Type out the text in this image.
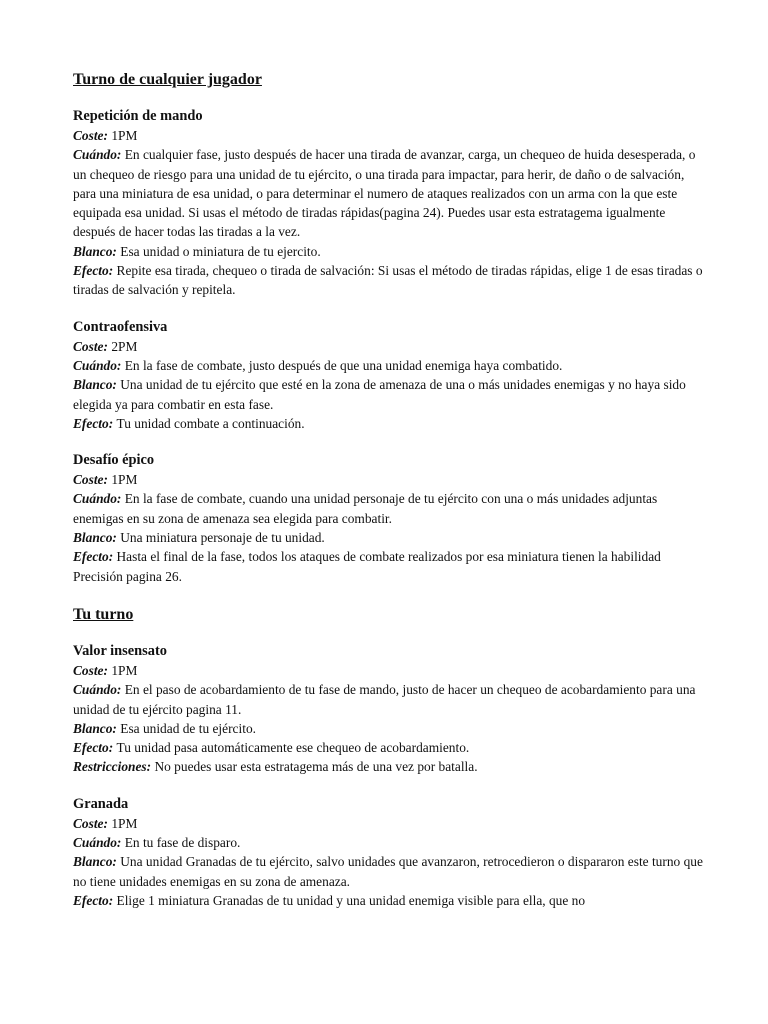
Turno de cualquier jugador
Repetición de mando
Coste: 1PM
Cuándo: En cualquier fase, justo después de hacer una tirada de avanzar, carga, un chequeo de huida desesperada, o un chequeo de riesgo para una unidad de tu ejército, o una tirada para impactar, para herir, de daño o de salvación, para una miniatura de esa unidad, o para determinar el numero de ataques realizados con un arma con la que este equipada esa unidad. Si usas el método de tiradas rápidas(pagina 24). Puedes usar esta estratagema igualmente después de hacer todas las tiradas a la vez.
Blanco: Esa unidad o miniatura de tu ejercito.
Efecto: Repite esa tirada, chequeo o tirada de salvación: Si usas el método de tiradas rápidas, elige 1 de esas tiradas o tiradas de salvación y repitela.
Contraofensiva
Coste: 2PM
Cuándo: En la fase de combate, justo después de que una unidad enemiga haya combatido.
Blanco: Una unidad de tu ejército que esté en la zona de amenaza de una o más unidades enemigas y no haya sido elegida ya para combatir en esta fase.
Efecto: Tu unidad combate a continuación.
Desafío épico
Coste: 1PM
Cuándo: En la fase de combate, cuando una unidad personaje de tu ejército con una o más unidades adjuntas enemigas en su zona de amenaza sea elegida para combatir.
Blanco: Una miniatura personaje de tu unidad.
Efecto: Hasta el final de la fase, todos los ataques de combate realizados por esa miniatura tienen la habilidad Precisión pagina 26.
Tu turno
Valor insensato
Coste: 1PM
Cuándo: En el paso de acobardamiento de tu fase de mando, justo de hacer un chequeo de acobardamiento para una unidad de tu ejército pagina 11.
Blanco: Esa unidad de tu ejército.
Efecto: Tu unidad pasa automáticamente ese chequeo de acobardamiento.
Restricciones: No puedes usar esta estratagema más de una vez por batalla.
Granada
Coste: 1PM
Cuándo: En tu fase de disparo.
Blanco: Una unidad Granadas de tu ejército, salvo unidades que avanzaron, retrocedieron o dispararon este turno que no tiene unidades enemigas en su zona de amenaza.
Efecto: Elige 1 miniatura Granadas de tu unidad y una unidad enemiga visible para ella, que no
